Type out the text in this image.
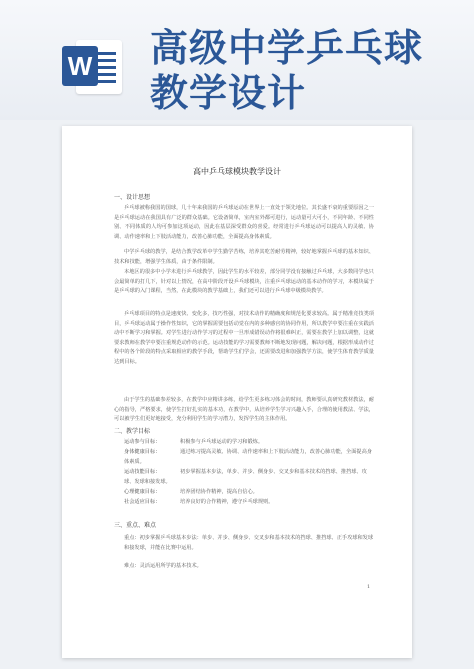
W 高级中学乒乓球教学设计
高中乒乓球模块教学设计
一、设计思想
乒乓球被称我国的国球，几十年来我国的乒乓球运动在世界上一直处于领先地位。其长盛不衰的重要原因之一是乒乓球运动在我国具有广泛的群众基础。它设备简单，室内室外都可进行，运动量可大可小，不同年龄、不同性别、不同体质的人均可参加这项运动，因此在基层深受群众的喜爱。经常进行乒乓球运动可以提高人的灵敏、协调、动作速率和上下肢活动能力，改善心肺功能，全面提高身体素质。
中学乒乓球的教学，是结合教学改革中学生勤学苦练，培养其吃苦耐劳精神，较好地掌握乒乓球的基本知识、技术和技能，增强学生体质，由于条件限制。
本地区的很多中小学未进行乒乓球教学，因此学生的水平较差，部分同学没有接触过乒乓球，大多数同学也只会最简单的打几下，针对以上情况，在高中阶段开设乒乓球模块，注重乒乓球运动的基本动作的学习，本模块属于是乒乓球的入门课程，当然，在此模块的教学基础上，我们还可以进行乒乓球中级模块教学。
乒乓球项目的特点是速度快、变化多，技巧性强，对技术动作的精确度和规范化要求较高。属于精准竞技类项目，乒乓球运动属于操作性知识，它的掌握需要包括动觉在内的多种感官的协同作用，所以教学中要注重在实践活动中不断学习和掌握。对学生进行动作学习的过程中一旦形成错误动作将很难纠正，需要在教学上加以调整，这就要求教师在教学中要注重规范动作的示范。运动技能的学习需要教师不断地发现问题，解决问题，根据形成动作过程中的各个阶段的特点采取相应的教学手段，帮助学生们学会，还需要改进和加强教学方法，使学生体育教学质量达到目标。
由于学生的基础参差较多，在教学中应精讲多练，给学生更多练习体会的时间，教师要认真研究教材教法，耐心的指导，严格要求，使学生打好扎实的基本功，在教学中，从培养学生学习兴趣入手，合理的使用教法、学法，可以被学生们更好地接受，充分利用学生的学习潜力，发挥学生的主体作用。
二、教学目标
运动参与目标：	积极参与乒乓球运动的学习和锻炼。
身体健康目标：	通过练习提高灵敏、协调、动作速率和上下肢活动能力，改善心肺功能，全面提高身体素质。
运动技能目标：	初步掌握基本步法，单步、并步、侧身步、交叉步和基本技术的挡球、推挡球、攻球、发球和接发球。
心理健康目标：	培养团结协作精神，提高自信心。
社会适应目标：	培养良好的合作精神，遵守乒乓球规则。
三、重点、难点
重点：初步掌握乒乓球基本步法：单步、并步、侧身步、交叉步和基本技术的挡球、推挡球、正手攻球和发球和接发球，并能在比赛中运用。
难点：灵活运用所学的基本技术。
1
